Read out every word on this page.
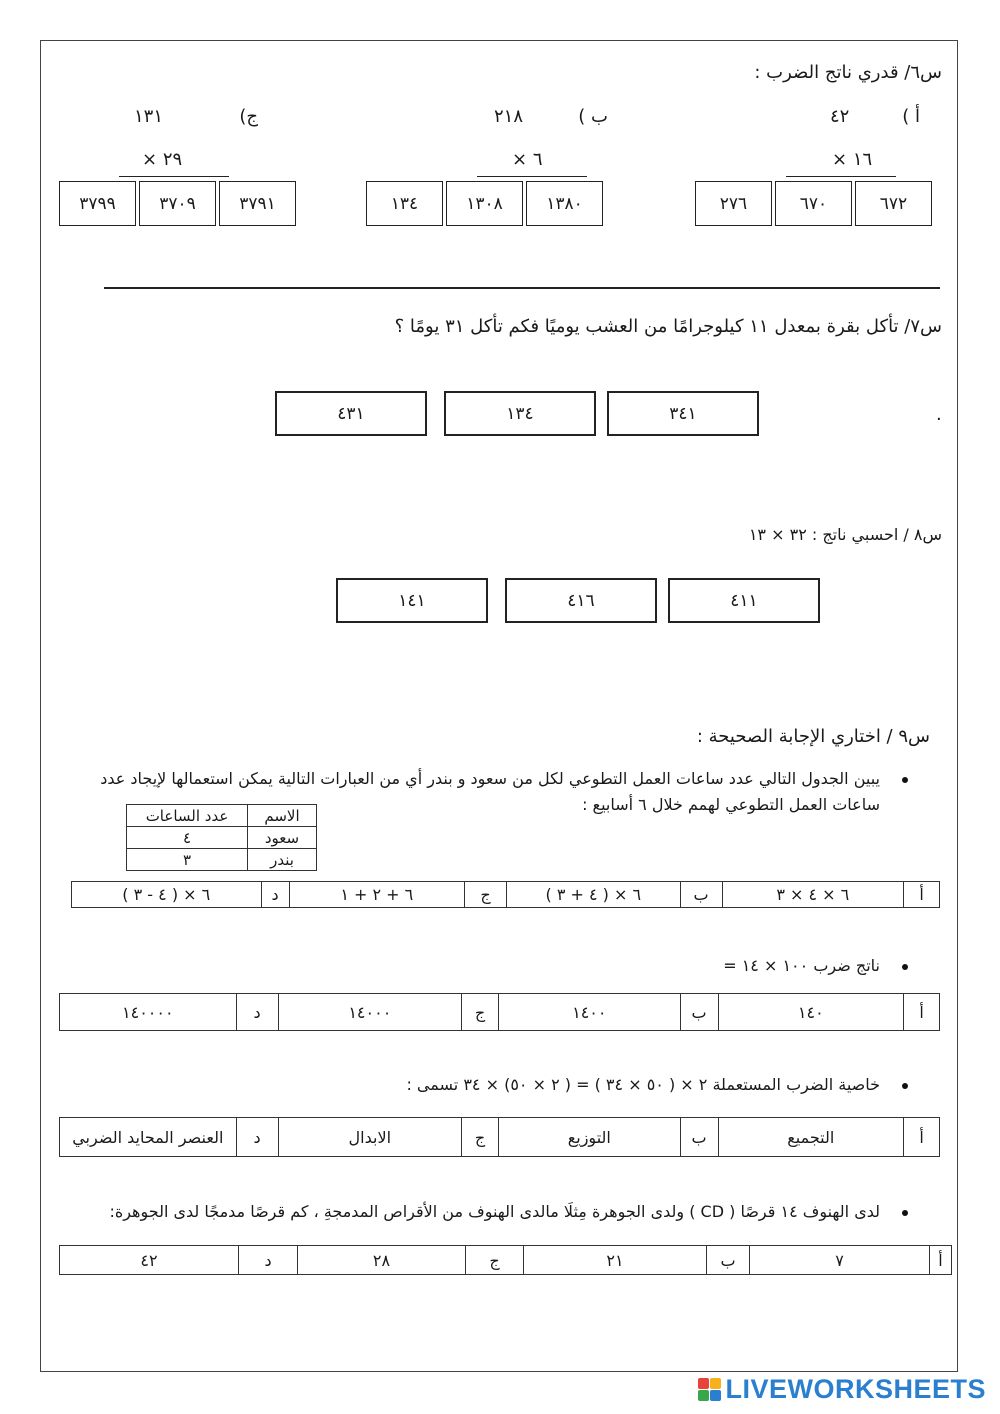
س٦/ قدري ناتج الضرب :
أ )
٤٢
× ١٦
٢٧٦	٦٧٠	٦٧٢
ب )
٢١٨
× ٦
١٣٤	١٣٠٨	١٣٨٠
ج)
١٣١
× ٢٩
٣٧٩٩	٣٧٠٩	٣٧٩١
س٧/ تأكل بقرة بمعدل ١١ كيلوجرامًا من العشب يوميًا فكم تأكل ٣١ يومًا ؟
.
٤٣١	١٣٤	٣٤١
س٨ / احسبي ناتج : ٣٢ × ١٣
١٤١	٤١٦	٤١١
س٩ / اختاري الإجابة الصحيحة :
يبين الجدول التالي عدد ساعات العمل التطوعي لكل من سعود و بندر أي من العبارات التالية يمكن استعمالها لإيجاد عدد
ساعات العمل التطوعي لهمم خلال ٦ أسابيع :
الاسم	عدد الساعات
سعود	٤
بندر	٣
أ
٦ × ٤ × ٣
ب
٦ × ( ٤ + ٣ )
ج
٦ + ٢ + ١
د
٦ × ( ٤ - ٣ )
ناتج ضرب ١٠٠ × ١٤ =
أ
١٤٠
ب
١٤٠٠
ج
١٤٠٠٠
د
١٤٠٠٠٠
خاصية الضرب المستعملة ٢ × ( ٥٠ × ٣٤ ) = ( ٢ × ٥٠) × ٣٤ تسمى :
أ
التجميع
ب
التوزيع
ج
الابدال
د
العنصر المحايد الضربي
لدى الهنوف ١٤ قرصًا ( CD ) ولدى الجوهرة مِثلَا مالدى الهنوف من الأقراص المدمجةِ ، كم قرصًا مدمجًا لدى الجوهرة:
أ
٧
ب
٢١
ج
٢٨
د
٤٢
LIVEWORKSHEETS
